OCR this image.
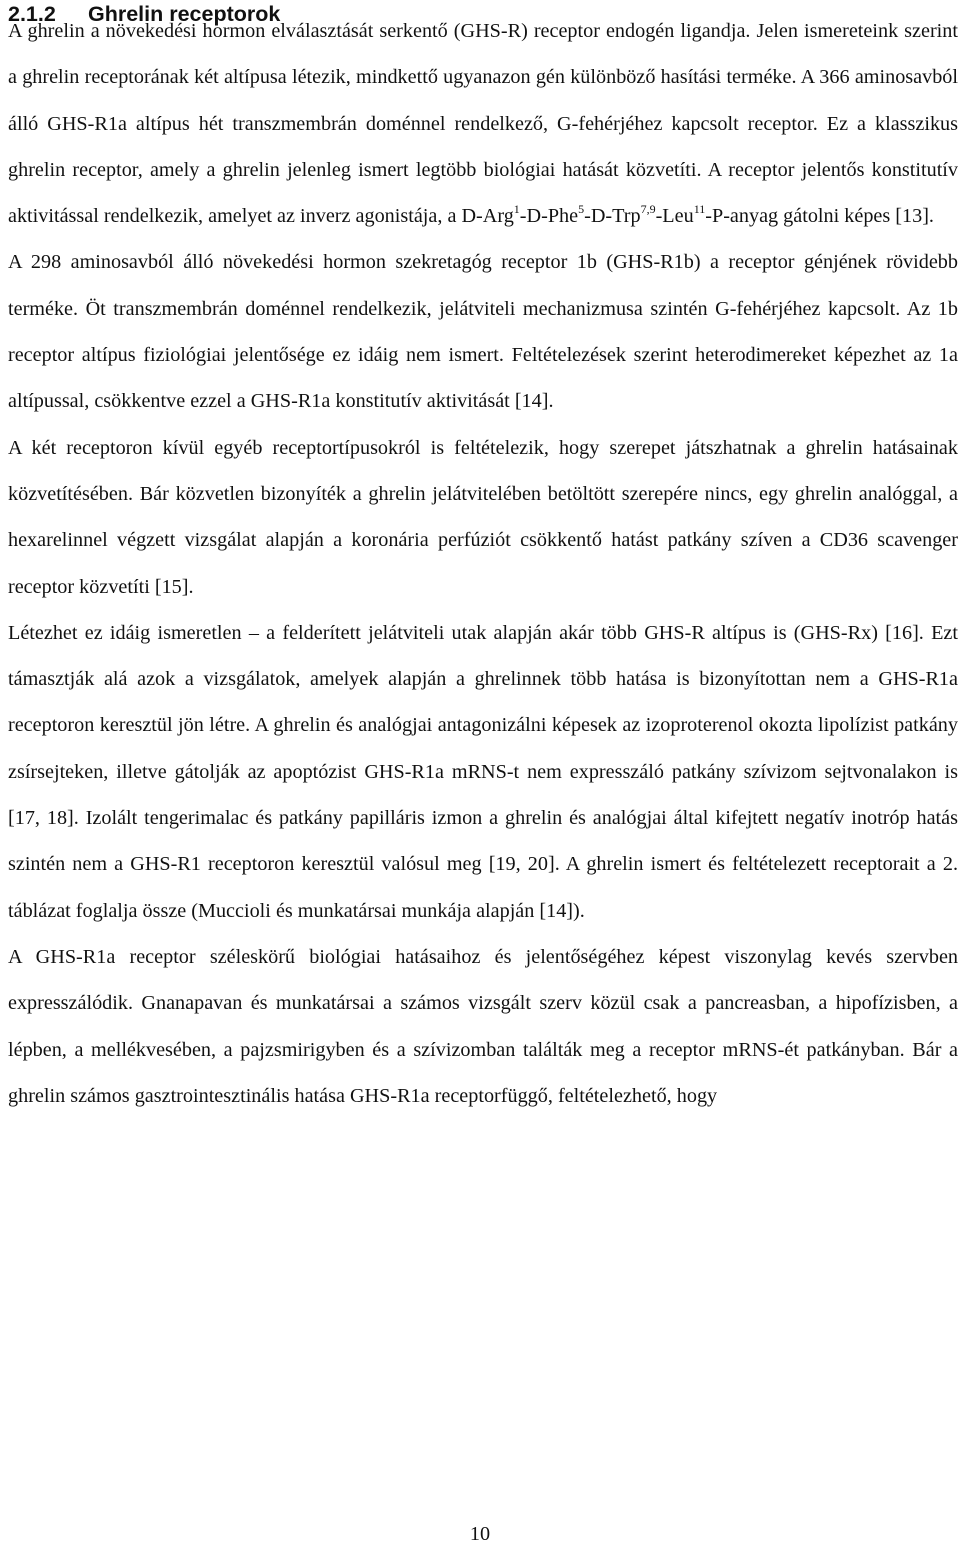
2.1.2 Ghrelin receptorok

A ghrelin a növekedési hormon elválasztását serkentő (GHS-R) receptor endogén ligandja. Jelen ismereteink szerint a ghrelin receptorának két altípusa létezik, mindkettő ugyanazon gén különböző hasítási terméke. A 366 aminosavból álló GHS-R1a altípus hét transzmembrán doménnel rendelkező, G-fehérjéhez kapcsolt receptor. Ez a klasszikus ghrelin receptor, amely a ghrelin jelenleg ismert legtöbb biológiai hatását közvetíti. A receptor jelentős konstitutív aktivitással rendelkezik, amelyet az inverz agonistája, a D-Arg$^1$-D-Phe$^5$-D-Trp$^{7,9}$-Leu$^{11}$-P-anyag gátolni képes [13].

A 298 aminosavból álló növekedési hormon szekretagóg receptor 1b (GHS-R1b) a receptor génjének rövidebb terméke. Öt transzmembrán doménnel rendelkezik, jelátviteli mechanizmusa szintén G-fehérjéhez kapcsolt. Az 1b receptor altípus fiziológiai jelentősége ez idáig nem ismert. Feltételezések szerint heterodimereket képezhet az 1a altípussal, csökkentve ezzel a GHS-R1a konstitutív aktivitását [14].

A két receptoron kívül egyéb receptortípusokról is feltételezik, hogy szerepet játszhatnak a ghrelin hatásainak közvetítésében. Bár közvetlen bizonyíték a ghrelin jelátvitelében betöltött szerepére nincs, egy ghrelin analóggal, a hexarelinnel végzett vizsgálat alapján a koronária perfúziót csökkentő hatást patkány szíven a CD36 scavenger receptor közvetíti [15].

Létezhet ez idáig ismeretlen – a felderített jelátviteli utak alapján akár több GHS-R altípus is (GHS-Rx) [16]. Ezt támasztják alá azok a vizsgálatok, amelyek alapján a ghrelinnek több hatása is bizonyítottan nem a GHS-R1a receptoron keresztül jön létre. A ghrelin és analógjai antagonizálni képesek az izoproterenol okozta lipolízist patkány zsírsejteken, illetve gátolják az apoptózist GHS-R1a mRNS-t nem expresszáló patkány szívizom sejtvonalakon is [17, 18]. Izolált tengerimalac és patkány papilláris izmon a ghrelin és analógjai által kifejtett negatív inotróp hatás szintén nem a GHS-R1 receptoron keresztül valósul meg [19, 20]. A ghrelin ismert és feltételezett receptorait a 2. táblázat foglalja össze (Muccioli és munkatársai munkája alapján [14]).

A GHS-R1a receptor széleskörű biológiai hatásaihoz és jelentőségéhez képest viszonylag kevés szervben expresszálódik. Gnanapavan és munkatársai a számos vizsgált szerv közül csak a pancreasban, a hipofízisben, a lépben, a mellékvesében, a pajzsmirigyben és a szívizomban találták meg a receptor mRNS-ét patkányban. Bár a ghrelin számos gasztrointesztinális hatása GHS-R1a receptorfüggő, feltételezhető, hogy

10
